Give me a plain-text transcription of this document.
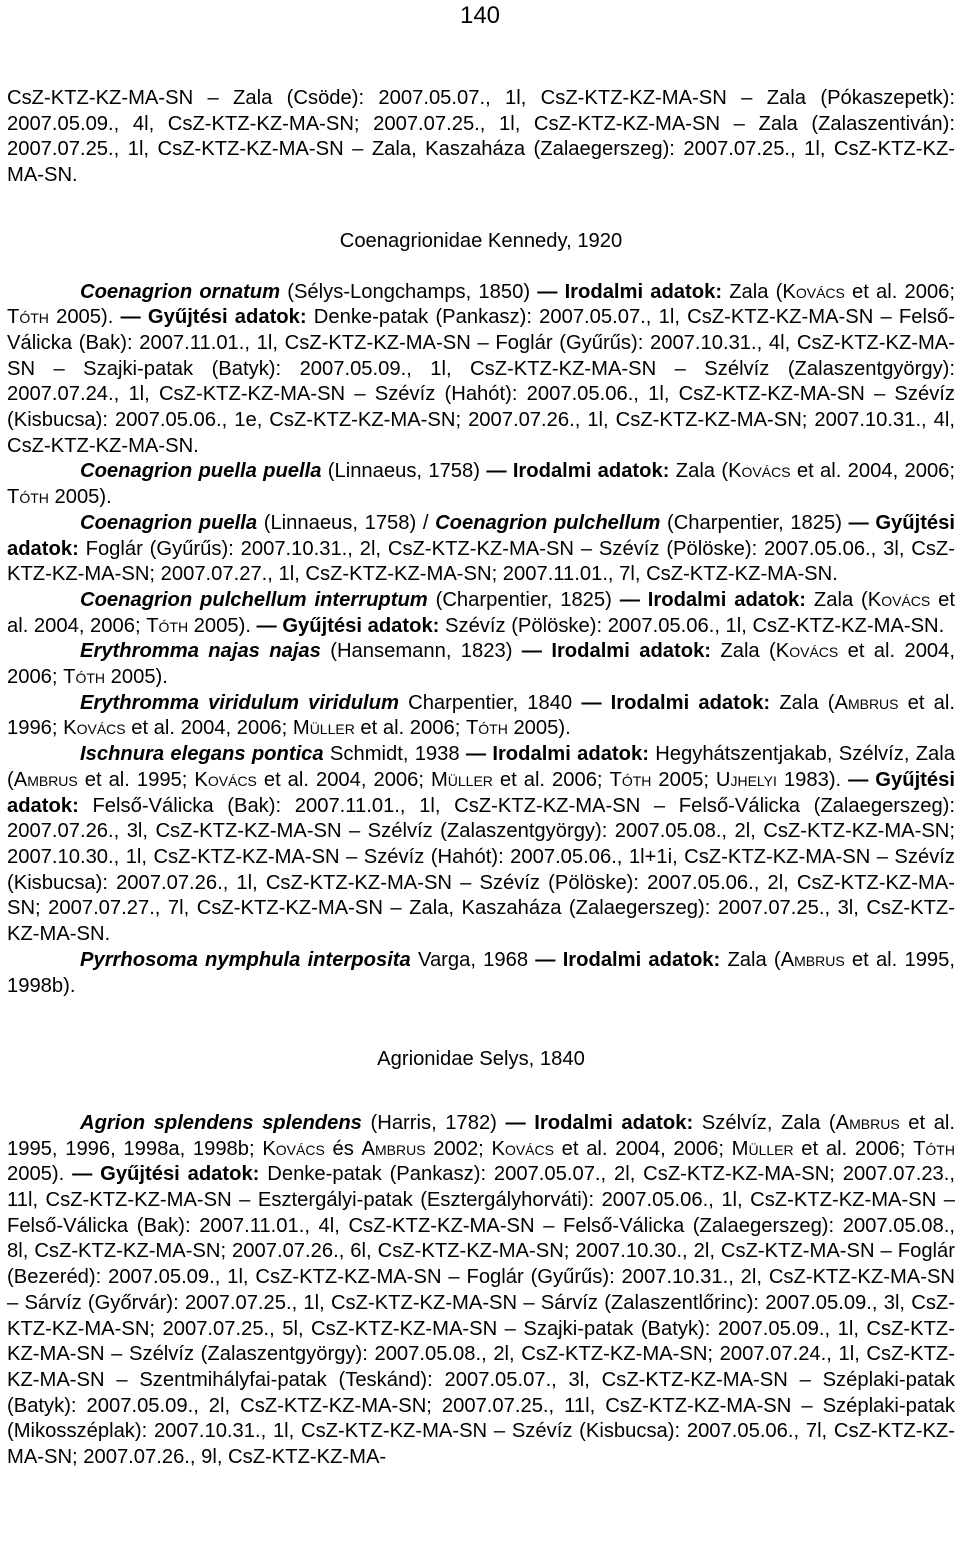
140

CsZ-KTZ-KZ-MA-SN – Zala (Csöde): 2007.05.07., 1l, CsZ-KTZ-KZ-MA-SN – Zala (Pókaszepetk): 2007.05.09., 4l, CsZ-KTZ-KZ-MA-SN; 2007.07.25., 1l, CsZ-KTZ-KZ-MA-SN – Zala (Zalaszentiván): 2007.07.25., 1l, CsZ-KTZ-KZ-MA-SN – Zala, Kaszaháza (Zalaegerszeg): 2007.07.25., 1l, CsZ-KTZ-KZ-MA-SN.

Coenagrionidae Kennedy, 1920

Coenagrion ornatum (Sélys-Longchamps, 1850) — Irodalmi adatok: Zala (Kovács et al. 2006; Tóth 2005). — Gyűjtési adatok: Denke-patak (Pankasz): 2007.05.07., 1l, CsZ-KTZ-KZ-MA-SN – Felső-Válicka (Bak): 2007.11.01., 1l, CsZ-KTZ-KZ-MA-SN – Foglár (Gyűrűs): 2007.10.31., 4l, CsZ-KTZ-KZ-MA-SN – Szajki-patak (Batyk): 2007.05.09., 1l, CsZ-KTZ-KZ-MA-SN – Szélvíz (Zalaszentgyörgy): 2007.07.24., 1l, CsZ-KTZ-KZ-MA-SN – Szévíz (Hahót): 2007.05.06., 1l, CsZ-KTZ-KZ-MA-SN – Szévíz (Kisbucsa): 2007.05.06., 1e, CsZ-KTZ-KZ-MA-SN; 2007.07.26., 1l, CsZ-KTZ-KZ-MA-SN; 2007.10.31., 4l, CsZ-KTZ-KZ-MA-SN.

Coenagrion puella puella (Linnaeus, 1758) — Irodalmi adatok: Zala (Kovács et al. 2004, 2006; Tóth 2005).

Coenagrion puella (Linnaeus, 1758) / Coenagrion pulchellum (Charpentier, 1825) — Gyűjtési adatok: Foglár (Gyűrűs): 2007.10.31., 2l, CsZ-KTZ-KZ-MA-SN – Szévíz (Pölöske): 2007.05.06., 3l, CsZ-KTZ-KZ-MA-SN; 2007.07.27., 1l, CsZ-KTZ-KZ-MA-SN; 2007.11.01., 7l, CsZ-KTZ-KZ-MA-SN.

Coenagrion pulchellum interruptum (Charpentier, 1825) — Irodalmi adatok: Zala (Kovács et al. 2004, 2006; Tóth 2005). — Gyűjtési adatok: Szévíz (Pölöske): 2007.05.06., 1l, CsZ-KTZ-KZ-MA-SN.

Erythromma najas najas (Hansemann, 1823) — Irodalmi adatok: Zala (Kovács et al. 2004, 2006; Tóth 2005).

Erythromma viridulum viridulum Charpentier, 1840 — Irodalmi adatok: Zala (Ambrus et al. 1996; Kovács et al. 2004, 2006; Müller et al. 2006; Tóth 2005).

Ischnura elegans pontica Schmidt, 1938 — Irodalmi adatok: Hegyhátszentjakab, Szélvíz, Zala (Ambrus et al. 1995; Kovács et al. 2004, 2006; Müller et al. 2006; Tóth 2005; Ujhelyi 1983). — Gyűjtési adatok: Felső-Válicka (Bak): 2007.11.01., 1l, CsZ-KTZ-KZ-MA-SN – Felső-Válicka (Zalaegerszeg): 2007.07.26., 3l, CsZ-KTZ-KZ-MA-SN – Szélvíz (Zalaszentgyörgy): 2007.05.08., 2l, CsZ-KTZ-KZ-MA-SN; 2007.10.30., 1l, CsZ-KTZ-KZ-MA-SN – Szévíz (Hahót): 2007.05.06., 1l+1i, CsZ-KTZ-KZ-MA-SN – Szévíz (Kisbucsa): 2007.07.26., 1l, CsZ-KTZ-KZ-MA-SN – Szévíz (Pölöske): 2007.05.06., 2l, CsZ-KTZ-KZ-MA-SN; 2007.07.27., 7l, CsZ-KTZ-KZ-MA-SN – Zala, Kaszaháza (Zalaegerszeg): 2007.07.25., 3l, CsZ-KTZ-KZ-MA-SN.

Pyrrhosoma nymphula interposita Varga, 1968 — Irodalmi adatok: Zala (Ambrus et al. 1995, 1998b).

Agrionidae Selys, 1840

Agrion splendens splendens (Harris, 1782) — Irodalmi adatok: Szélvíz, Zala (Ambrus et al. 1995, 1996, 1998a, 1998b; Kovács és Ambrus 2002; Kovács et al. 2004, 2006; Müller et al. 2006; Tóth 2005). — Gyűjtési adatok: Denke-patak (Pankasz): 2007.05.07., 2l, CsZ-KTZ-KZ-MA-SN; 2007.07.23., 11l, CsZ-KTZ-KZ-MA-SN – Esztergályi-patak (Esztergályhorváti): 2007.05.06., 1l, CsZ-KTZ-KZ-MA-SN – Felső-Válicka (Bak): 2007.11.01., 4l, CsZ-KTZ-KZ-MA-SN – Felső-Válicka (Zalaegerszeg): 2007.05.08., 8l, CsZ-KTZ-KZ-MA-SN; 2007.07.26., 6l, CsZ-KTZ-KZ-MA-SN; 2007.10.30., 2l, CsZ-KTZ-MA-SN – Foglár (Bezeréd): 2007.05.09., 1l, CsZ-KTZ-KZ-MA-SN – Foglár (Gyűrűs): 2007.10.31., 2l, CsZ-KTZ-KZ-MA-SN – Sárvíz (Győrvár): 2007.07.25., 1l, CsZ-KTZ-KZ-MA-SN – Sárvíz (Zalaszentlőrinc): 2007.05.09., 3l, CsZ-KTZ-KZ-MA-SN; 2007.07.25., 5l, CsZ-KTZ-KZ-MA-SN – Szajki-patak (Batyk): 2007.05.09., 1l, CsZ-KTZ-KZ-MA-SN – Szélvíz (Zalaszentgyörgy): 2007.05.08., 2l, CsZ-KTZ-KZ-MA-SN; 2007.07.24., 1l, CsZ-KTZ-KZ-MA-SN – Szentmihályfai-patak (Teskánd): 2007.05.07., 3l, CsZ-KTZ-KZ-MA-SN – Széplaki-patak (Batyk): 2007.05.09., 2l, CsZ-KTZ-KZ-MA-SN; 2007.07.25., 11l, CsZ-KTZ-KZ-MA-SN – Széplaki-patak (Mikosszéplak): 2007.10.31., 1l, CsZ-KTZ-KZ-MA-SN – Szévíz (Kisbucsa): 2007.05.06., 7l, CsZ-KTZ-KZ-MA-SN; 2007.07.26., 9l, CsZ-KTZ-KZ-MA-
